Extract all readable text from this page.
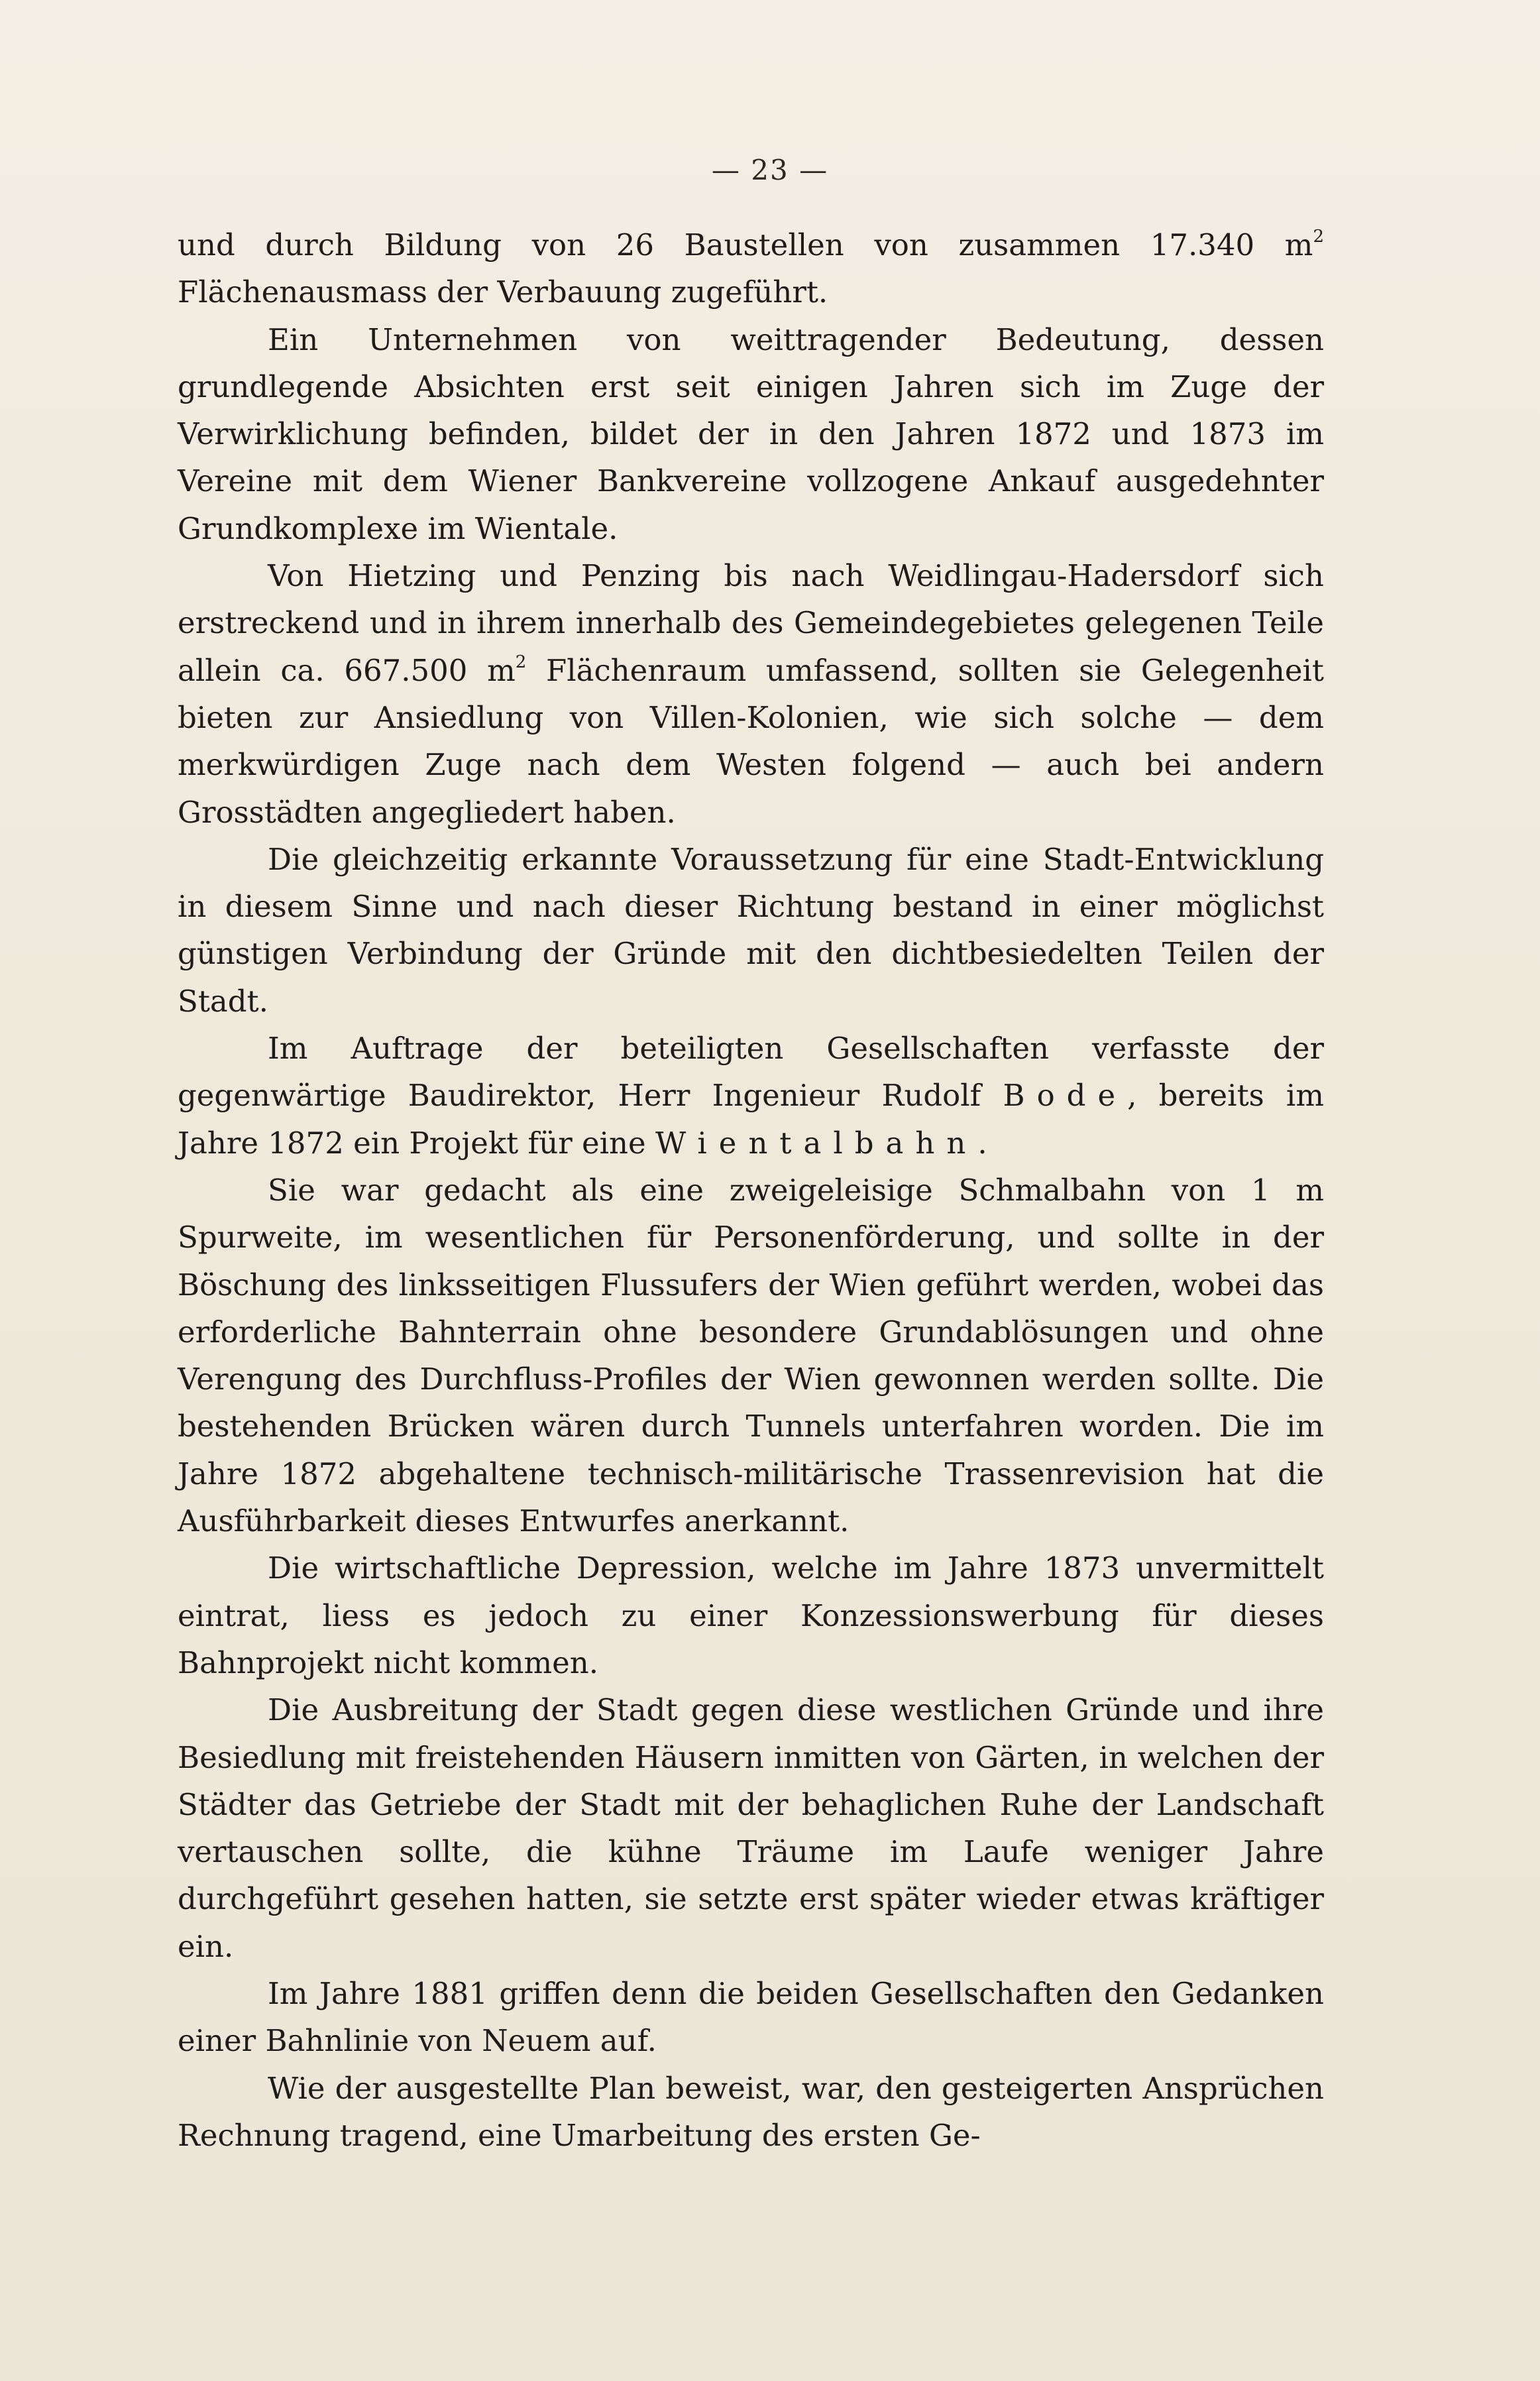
— 23 —

und durch Bildung von 26 Baustellen von zusammen 17.340 $m^2$ Flächenausmass der Verbauung zugeführt.

Ein Unternehmen von weittragender Bedeutung, dessen grundlegende Absichten erst seit einigen Jahren sich im Zuge der Verwirklichung befinden, bildet der in den Jahren 1872 und 1873 im Vereine mit dem Wiener Bankvereine vollzogene Ankauf ausgedehnter Grundkomplexe im Wientale.

Von Hietzing und Penzing bis nach Weidlingau-Hadersdorf sich erstreckend und in ihrem innerhalb des Gemeindegebietes gelegenen Teile allein ca. 667.500 $m^2$ Flächenraum umfassend, sollten sie Gelegenheit bieten zur Ansiedlung von Villen-Kolonien, wie sich solche — dem merkwürdigen Zuge nach dem Westen folgend — auch bei andern Grosstädten angegliedert haben.

Die gleichzeitig erkannte Voraussetzung für eine Stadt-Entwicklung in diesem Sinne und nach dieser Richtung bestand in einer möglichst günstigen Verbindung der Gründe mit den dichtbesiedelten Teilen der Stadt.

Im Auftrage der beteiligten Gesellschaften verfasste der gegenwärtige Baudirektor, Herr Ingenieur Rudolf Bode, bereits im Jahre 1872 ein Projekt für eine Wientalbahn.

Sie war gedacht als eine zweigeleisige Schmalbahn von 1 m Spurweite, im wesentlichen für Personenförderung, und sollte in der Böschung des linksseitigen Flussufers der Wien geführt werden, wobei das erforderliche Bahnterrain ohne besondere Grundablösungen und ohne Verengung des Durchfluss-Profiles der Wien gewonnen werden sollte. Die bestehenden Brücken wären durch Tunnels unterfahren worden. Die im Jahre 1872 abgehaltene technisch-militärische Trassenrevision hat die Ausführbarkeit dieses Entwurfes anerkannt.

Die wirtschaftliche Depression, welche im Jahre 1873 unvermittelt eintrat, liess es jedoch zu einer Konzessionswerbung für dieses Bahnprojekt nicht kommen.

Die Ausbreitung der Stadt gegen diese westlichen Gründe und ihre Besiedlung mit freistehenden Häusern inmitten von Gärten, in welchen der Städter das Getriebe der Stadt mit der behaglichen Ruhe der Landschaft vertauschen sollte, die kühne Träume im Laufe weniger Jahre durchgeführt gesehen hatten, sie setzte erst später wieder etwas kräftiger ein.

Im Jahre 1881 griffen denn die beiden Gesellschaften den Gedanken einer Bahnlinie von Neuem auf.

Wie der ausgestellte Plan beweist, war, den gesteigerten Ansprüchen Rechnung tragend, eine Umarbeitung des ersten Ge-
